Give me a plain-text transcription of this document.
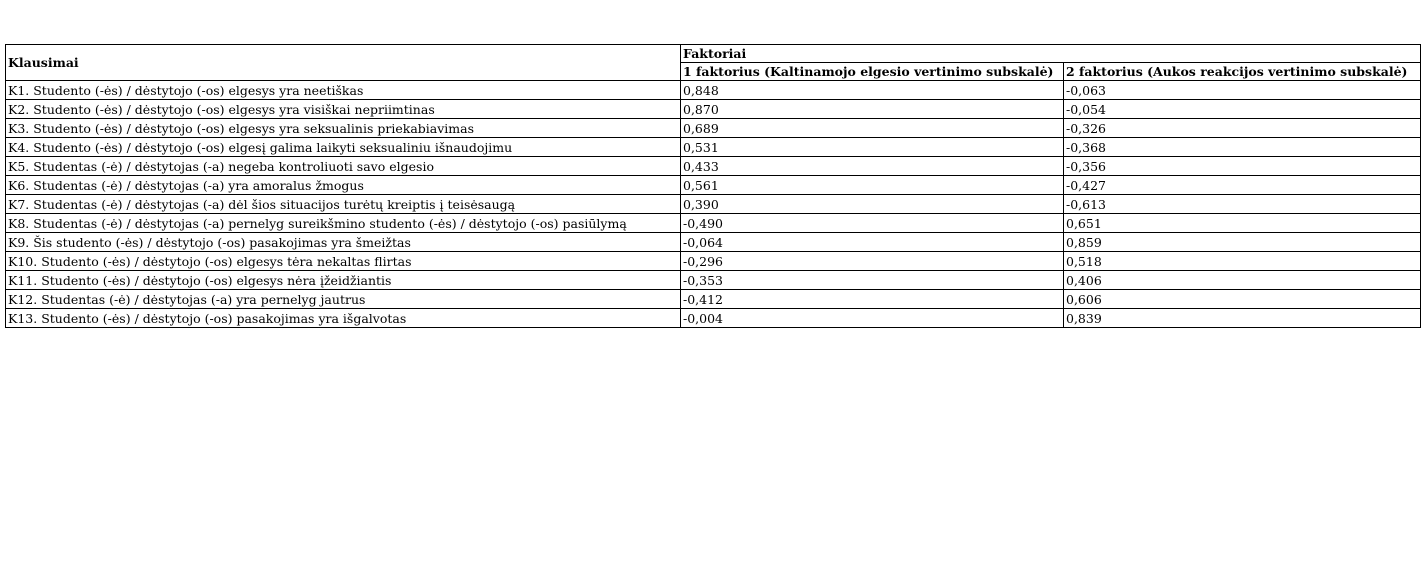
Klausimai	Faktoriai	
	1 faktorius (Kaltinamojo elgesio vertinimo subskalė)	2 faktorius (Aukos reakcijos vertinimo subskalė)
K1. Studento (-ės) / dėstytojo (-os) elgesys yra neetiškas	0,848	-0,063
K2. Studento (-ės) / dėstytojo (-os) elgesys yra visiškai nepriimtinas	0,870	-0,054
K3. Studento (-ės) / dėstytojo (-os) elgesys yra seksualinis priekabiavimas	0,689	-0,326
K4. Studento (-ės) / dėstytojo (-os) elgesį galima laikyti seksualiniu išnaudojimu	0,531	-0,368
K5. Studentas (-ė) / dėstytojas (-a) negeba kontroliuoti savo elgesio	0,433	-0,356
K6. Studentas (-ė) / dėstytojas (-a) yra amoralus žmogus	0,561	-0,427
K7. Studentas (-ė) / dėstytojas (-a) dėl šios situacijos turėtų kreiptis į teisėsaugą	0,390	-0,613
K8. Studentas (-ė) / dėstytojas (-a) pernelyg sureikšmino studento (-ės) / dėstytojo (-os) pasiūlymą	-0,490	0,651
K9. Šis studento (-ės) / dėstytojo (-os) pasakojimas yra šmeižtas	-0,064	0,859
K10. Studento (-ės) / dėstytojo (-os) elgesys tėra nekaltas flirtas	-0,296	0,518
K11. Studento (-ės) / dėstytojo (-os) elgesys nėra įžeidžiantis	-0,353	0,406
K12. Studentas (-ė) / dėstytojas (-a) yra pernelyg jautrus	-0,412	0,606
K13. Studento (-ės) / dėstytojo (-os) pasakojimas yra išgalvotas	-0,004	0,839
